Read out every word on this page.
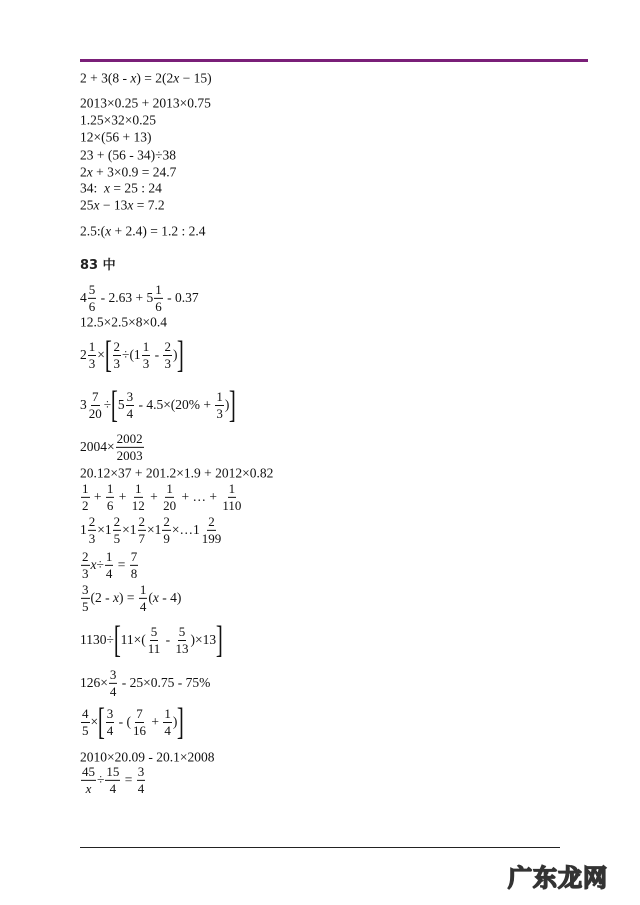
2 + 3(8 - x ) = 2(2 x − 15)
2013×0.25 + 2013×0.75
1.25×32×0.25
12×(56 + 13)
23 + (56 - 34)÷38
2 x + 3×0.9 = 24.7
34: x = 25 : 24
25 x − 13 x = 7.2
2.5:( x + 2.4) = 1.2 : 2.4
$4 \frac{5}{6} - 2.63 + 5 \frac{1}{6} - 0.37$
12.5×2.5×8×0.4
$2 \frac{1}{3}$ × [ $\frac{2}{3} \div(1 \frac{1}{3} - \frac{2}{3}$ ) ]
$3 \frac{7}{20}$ ÷ [ $5 \frac{3}{4} - 4.5\times(20\% + \frac{1}{3}$ ) ]
$2004\times \frac{2002}{2003}$
20.12×37 + 201.2×1.9 + 2012×0.82
$\frac{1}{2} + \frac{1}{6} + \frac{1}{12} + \frac{1}{20}$ + … + $\frac{1}{110}$
$1 \frac{2}{3} \times 1 \frac{2}{5} \times 1 \frac{2}{7} \times 1 \frac{2}{9}$ ×…1 $\frac{2}{199}$
$\frac{2}{3}$ $x \div \frac{1}{4} = \frac{7}{8}$
$\frac{3}{5} (2$ - x ) = $\frac{1}{4}$ ( x - 4)
1130÷ [ $11\times( \frac{5}{11} - \frac{5}{13} )\times 13$ ]
$126\times \frac{3}{4} - 25\times 0.75 - 75\%$
$\frac{4}{5}$ × [ $\frac{3}{4}$ - ( $\frac{7}{16} + \frac{1}{4}$ ) ]
2010×20.09 - 20.1×2008
$\frac{45}{x} \div \frac{15}{4} = \frac{3}{4}$
83 中
广东龙网
